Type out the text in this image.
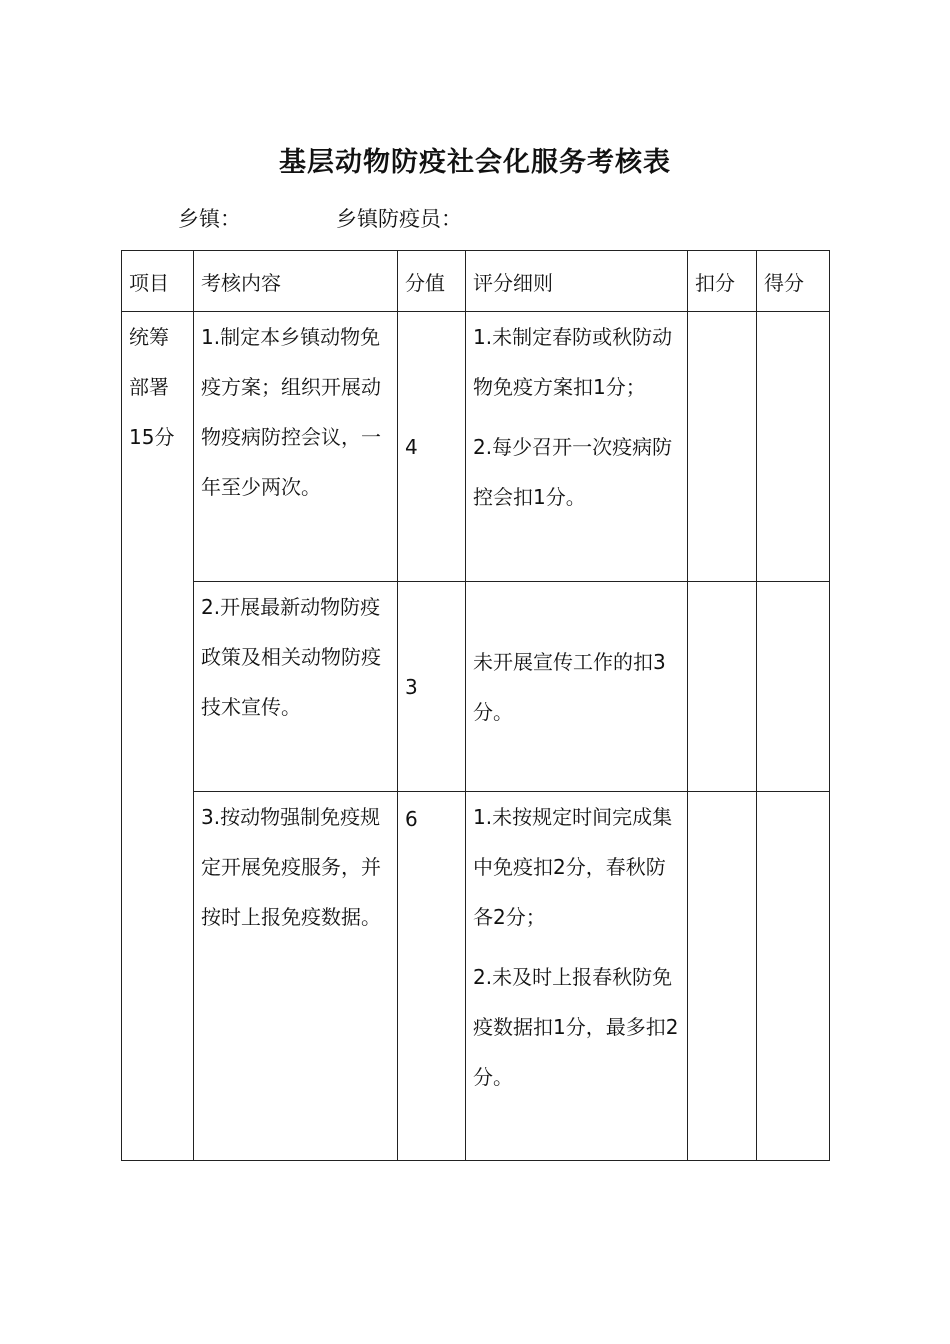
基层动物防疫社会化服务考核表
乡镇：	乡镇防疫员：
项目	考核内容	分值	评分细则	扣分	得分
统筹部署15分	1.制定本乡镇动物免疫方案；组织开展动物疫病防控会议，一年至少两次。	4	1.未制定春防或秋防动物免疫方案扣1分；

2.每少召开一次疫病防控会扣1分。		

	2.开展最新动物防疫政策及相关动物防疫技术宣传。	3	未开展宣传工作的扣3分。		

	3.按动物强制免疫规定开展免疫服务，并按时上报免疫数据。	6	1.未按规定时间完成集中免疫扣2分，春秋防各2分；

2.未及时上报春秋防免疫数据扣1分，最多扣2分。		
